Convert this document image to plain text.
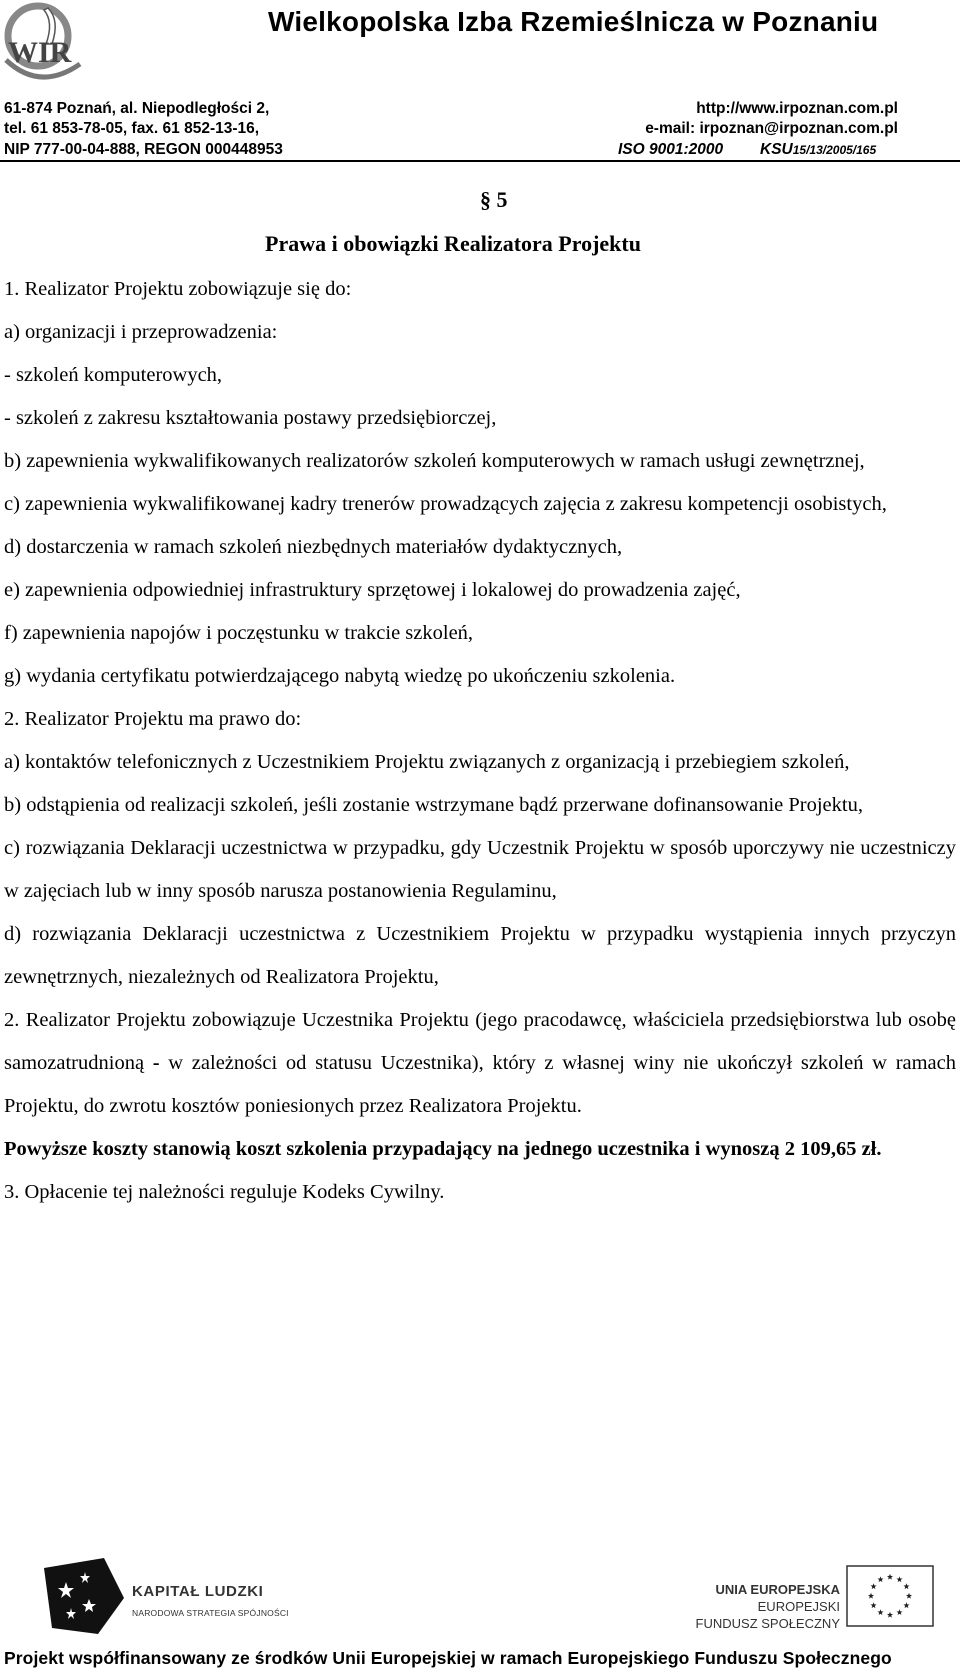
WIR
Wielkopolska Izba Rzemieślnicza w Poznaniu
61-874 Poznań, al. Niepodległości 2,
tel. 61 853-78-05, fax. 61 852-13-16,
NIP 777-00-04-888, REGON 000448953
http://www.irpoznan.com.pl
e-mail: irpoznan@irpoznan.com.pl
ISO 9001:2000 KSU15/13/2005/165
§ 5
Prawa i obowiązki Realizatora Projektu

1. Realizator Projektu zobowiązuje się do:

a) organizacji i przeprowadzenia:

- szkoleń komputerowych,

- szkoleń z zakresu kształtowania postawy przedsiębiorczej,

b) zapewnienia wykwalifikowanych realizatorów szkoleń komputerowych w ramach usługi zewnętrznej,

c) zapewnienia wykwalifikowanej kadry trenerów prowadzących zajęcia z zakresu kompetencji osobistych,

d) dostarczenia w ramach szkoleń niezbędnych materiałów dydaktycznych,

e) zapewnienia odpowiedniej infrastruktury sprzętowej i lokalowej do prowadzenia zajęć,

f) zapewnienia napojów i poczęstunku w trakcie szkoleń,

g) wydania certyfikatu potwierdzającego nabytą wiedzę po ukończeniu szkolenia.

2. Realizator Projektu ma prawo do:

a) kontaktów telefonicznych z Uczestnikiem Projektu związanych z organizacją i przebiegiem szkoleń,

b) odstąpienia od realizacji szkoleń, jeśli zostanie wstrzymane bądź przerwane dofinansowanie Projektu,

c) rozwiązania Deklaracji uczestnictwa w przypadku, gdy Uczestnik Projektu w sposób uporczywy nie uczestniczy w zajęciach lub w inny sposób narusza postanowienia Regulaminu,

d) rozwiązania Deklaracji uczestnictwa z Uczestnikiem Projektu w przypadku wystąpienia innych przyczyn zewnętrznych, niezależnych od Realizatora Projektu,

2. Realizator Projektu zobowiązuje Uczestnika Projektu (jego pracodawcę, właściciela przedsiębiorstwa lub osobę samozatrudnioną - w zależności od statusu Uczestnika), który z własnej winy nie ukończył szkoleń w ramach Projektu, do zwrotu kosztów poniesionych przez Realizatora Projektu.

Powyższe koszty stanowią koszt szkolenia przypadający na jednego uczestnika i wynoszą 2 109,65 zł.

3. Opłacenie tej należności reguluje Kodeks Cywilny.

KAPITAŁ LUDZKI
NARODOWA STRATEGIA SPÓJNOŚCI
UNIA EUROPEJSKA
EUROPEJSKI
FUNDUSZ SPOŁECZNY
Projekt współfinansowany ze środków Unii Europejskiej w ramach Europejskiego Funduszu Społecznego
